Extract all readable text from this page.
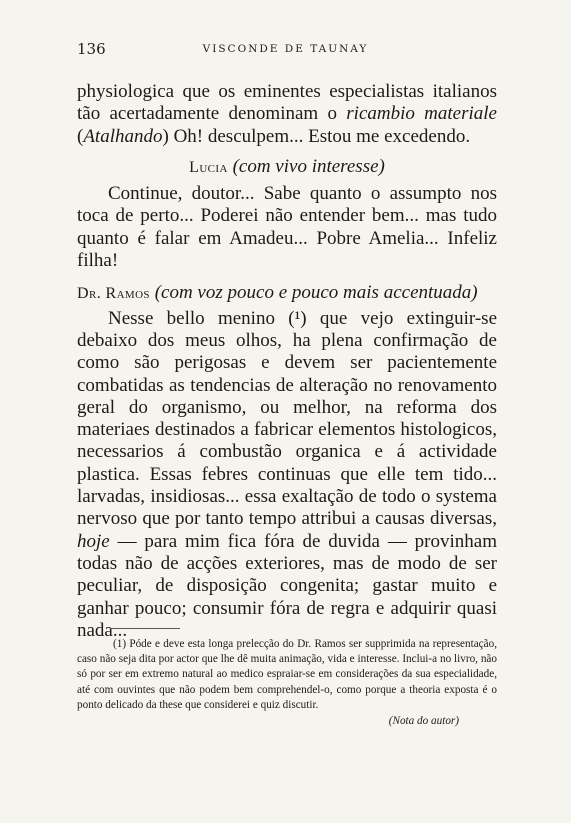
136	VISCONDE DE TAUNAY

physiologica que os eminentes especialistas italianos tão acertadamente denominam o ricambio materiale (Atalhando) Oh! desculpem... Estou me excedendo.

Lucia (com vivo interesse)

Continue, doutor... Sabe quanto o assumpto nos toca de perto... Poderei não entender bem... mas tudo quanto é falar em Amadeu... Pobre Amelia... Infeliz filha!

Dr. Ramos (com voz pouco e pouco mais accentuada)

Nesse bello menino (¹) que vejo extinguir-se debaixo dos meus olhos, ha plena confirmação de como são perigosas e devem ser pacientemente combatidas as tendencias de alteração no renovamento geral do organismo, ou melhor, na reforma dos materiaes destinados a fabricar elementos histologicos, necessarios á combustão organica e á actividade plastica. Essas febres continuas que elle tem tido... larvadas, insidiosas... essa exaltação de todo o systema nervoso que por tanto tempo attribui a causas diversas, hoje — para mim fica fóra de duvida — provinham todas não de acções exteriores, mas de modo de ser peculiar, de disposição congenita; gastar muito e ganhar pouco; consumir fóra de regra e adquirir quasi nada...

(1) Póde e deve esta longa prelecção do Dr. Ramos ser supprimida na representação, caso não seja dita por actor que lhe dê muita animação, vida e interesse. Inclui-a no livro, não só por ser em extremo natural ao medico espraiar-se em considerações da sua especialidade, até com ouvintes que não podem bem comprehendel-o, como porque a theoria exposta é o ponto delicado da these que considerei e quiz discutir.

(Nota do autor)
